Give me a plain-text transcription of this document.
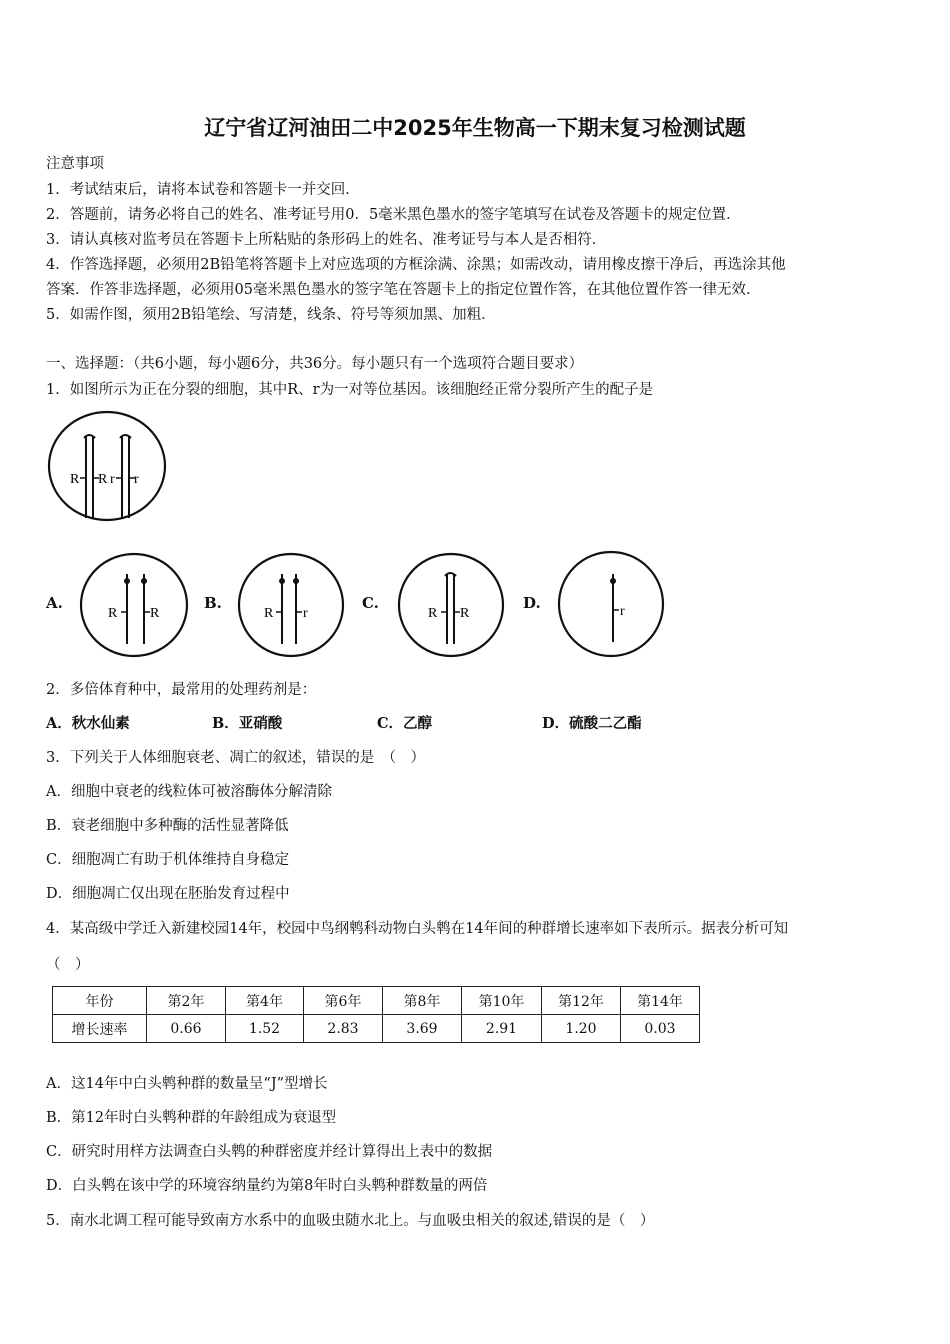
辽宁省辽河油田二中2025年生物高一下期末复习检测试题
注意事项
1．考试结束后，请将本试卷和答题卡一并交回．
2．答题前，请务必将自己的姓名、准考证号用0．5毫米黑色墨水的签字笔填写在试卷及答题卡的规定位置．
3．请认真核对监考员在答题卡上所粘贴的条形码上的姓名、准考证号与本人是否相符．
4．作答选择题，必须用2B铅笔将答题卡上对应选项的方框涂满、涂黑；如需改动，请用橡皮擦干净后，再选涂其他
答案．作答非选择题，必须用05毫米黑色墨水的签字笔在答题卡上的指定位置作答，在其他位置作答一律无效．
5．如需作图，须用2B铅笔绘、写清楚，线条、符号等须加黑、加粗．
一、选择题：（共6小题，每小题6分，共36分。每小题只有一个选项符合题目要求）
1．如图所示为正在分裂的细胞，其中R、r为一对等位基因。该细胞经正常分裂所产生的配子是
R R r r
A.
R R
B.
R r
C.
R R
D.	r
2．多倍体育种中，最常用的处理药剂是：
A．秋水仙素	B．亚硝酸	C．乙醇	D．硫酸二乙酯
3．下列关于人体细胞衰老、凋亡的叙述，错误的是　（　）
A．细胞中衰老的线粒体可被溶酶体分解清除
B．衰老细胞中多种酶的活性显著降低
C．细胞凋亡有助于机体维持自身稳定
D．细胞凋亡仅出现在胚胎发育过程中
4．某高级中学迁入新建校园14年，校园中鸟纲鹎科动物白头鹎在14年间的种群增长速率如下表所示。据表分析可知
（　）
年份	第2年	第4年	第6年	第8年	第10年	第12年	第14年
增长速率	0.66	1.52	2.83	3.69	2.91	1.20	0.03
A．这14年中白头鹎种群的数量呈“J”型增长
B．第12年时白头鹎种群的年龄组成为衰退型
C．研究时用样方法调查白头鹎的种群密度并经计算得出上表中的数据
D．白头鹎在该中学的环境容纳量约为第8年时白头鹎种群数量的两倍
5．南水北调工程可能导致南方水系中的血吸虫随水北上。与血吸虫相关的叙述,错误的是（　）
